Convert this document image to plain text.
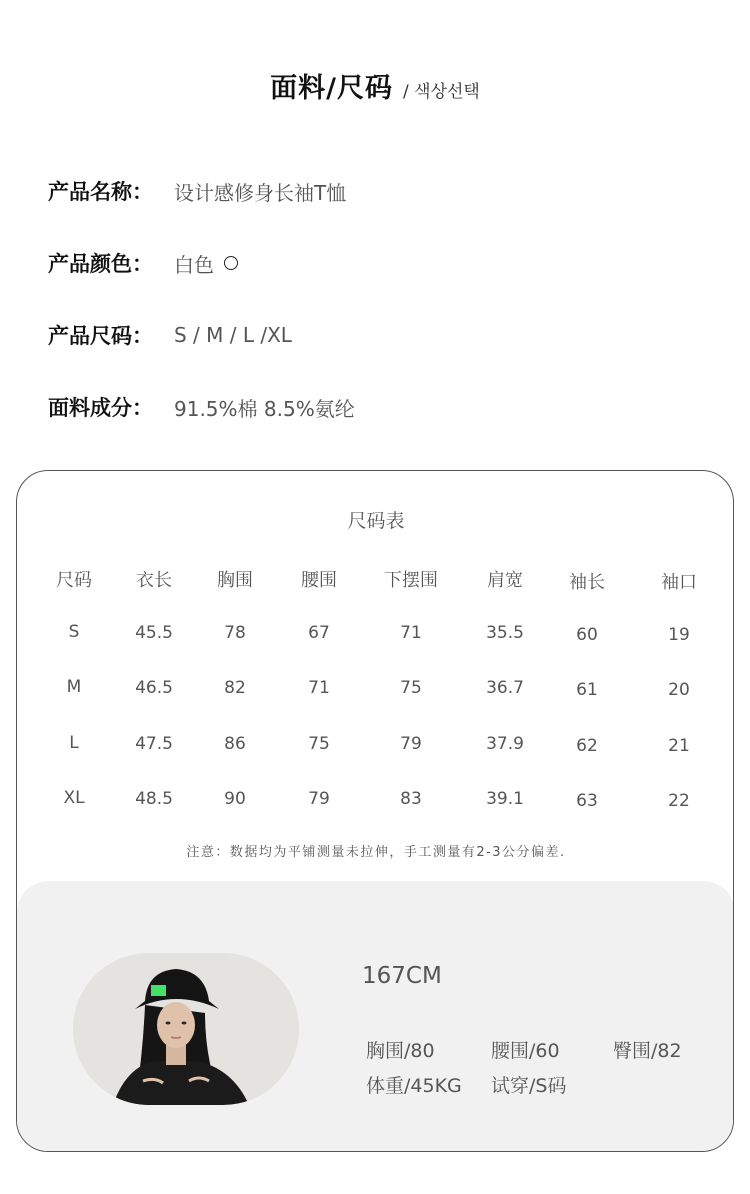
面料/尺码 / 색상선택
产品名称： 设计感修身长袖T恤
产品颜色： 白色
产品尺码： S / M / L /XL
面料成分： 91.5%棉 8.5%氨纶
尺码表
尺码	衣长	胸围	腰围	下摆围	肩宽	袖长	袖口
S	45.5	78	67	71	35.5	60	19
M	46.5	82	71	75	36.7	61	20
L	47.5	86	75	79	37.9	62	21
XL	48.5	90	79	83	39.1	63	22
注意：数据均为平铺测量未拉伸，手工测量有2-3公分偏差.
167CM
胸围/80	腰围/60	臀围/82
体重/45KG 试穿/S码
